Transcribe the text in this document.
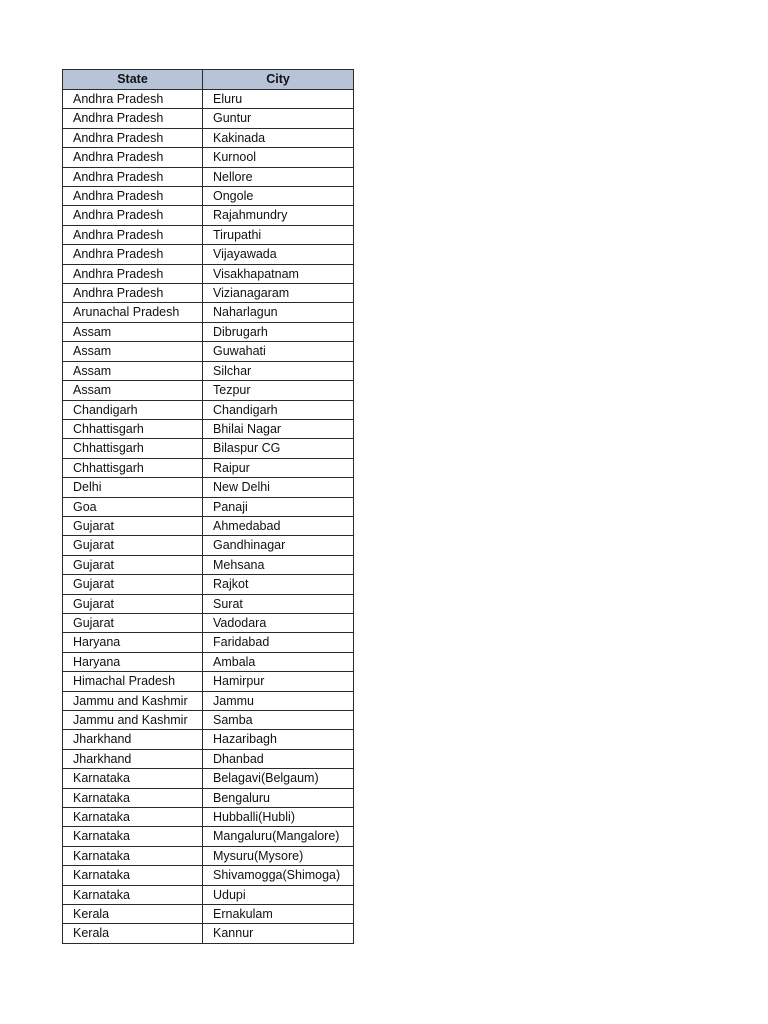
State	City
Andhra Pradesh	Eluru
Andhra Pradesh	Guntur
Andhra Pradesh	Kakinada
Andhra Pradesh	Kurnool
Andhra Pradesh	Nellore
Andhra Pradesh	Ongole
Andhra Pradesh	Rajahmundry
Andhra Pradesh	Tirupathi
Andhra Pradesh	Vijayawada
Andhra Pradesh	Visakhapatnam
Andhra Pradesh	Vizianagaram
Arunachal Pradesh	Naharlagun
Assam	Dibrugarh
Assam	Guwahati
Assam	Silchar
Assam	Tezpur
Chandigarh	Chandigarh
Chhattisgarh	Bhilai Nagar
Chhattisgarh	Bilaspur CG
Chhattisgarh	Raipur
Delhi	New Delhi
Goa	Panaji
Gujarat	Ahmedabad
Gujarat	Gandhinagar
Gujarat	Mehsana
Gujarat	Rajkot
Gujarat	Surat
Gujarat	Vadodara
Haryana	Faridabad
Haryana	Ambala
Himachal Pradesh	Hamirpur
Jammu and Kashmir	Jammu
Jammu and Kashmir	Samba
Jharkhand	Hazaribagh
Jharkhand	Dhanbad
Karnataka	Belagavi(Belgaum)
Karnataka	Bengaluru
Karnataka	Hubballi(Hubli)
Karnataka	Mangaluru(Mangalore)
Karnataka	Mysuru(Mysore)
Karnataka	Shivamogga(Shimoga)
Karnataka	Udupi
Kerala	Ernakulam
Kerala	Kannur
